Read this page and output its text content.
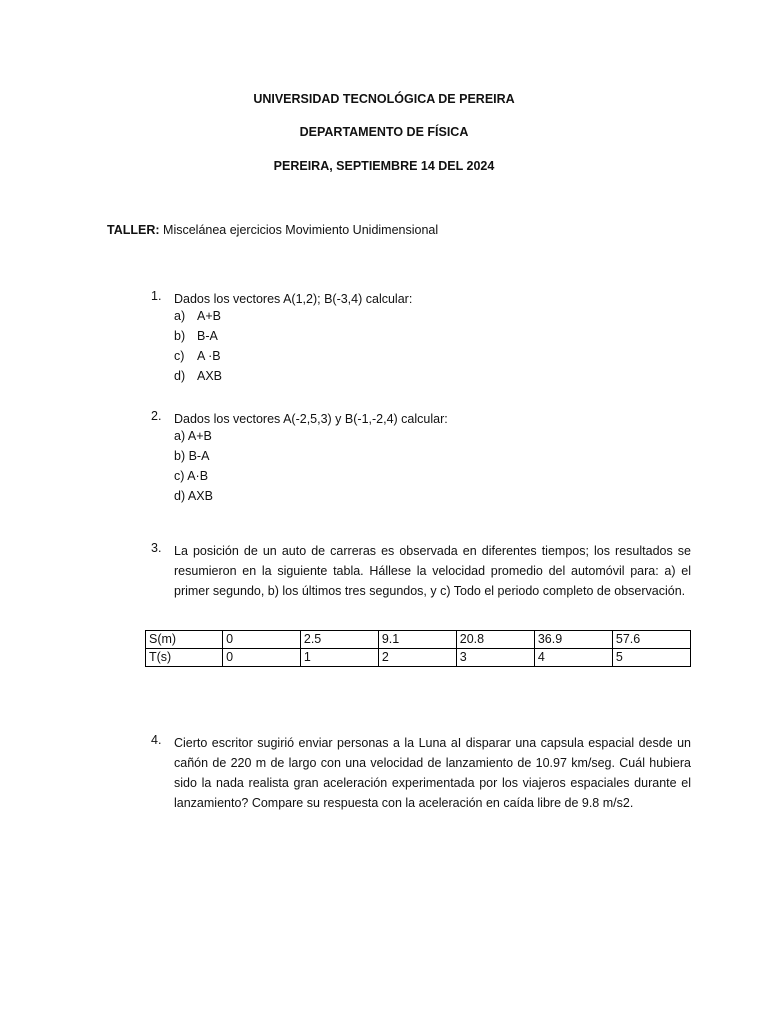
UNIVERSIDAD TECNOLÓGICA DE PEREIRA
DEPARTAMENTO DE FÍSICA
PEREIRA, SEPTIEMBRE 14 DEL 2024
TALLER: Miscelánea ejercicios Movimiento Unidimensional
1. Dados los vectores A(1,2); B(-3,4) calcular:
a) A+B
b) B-A
c) A ·B
d) AXB
2. Dados los vectores A(-2,5,3) y B(-1,-2,4) calcular:
a) A+B
b) B-A
c) A·B
d) AXB
3. La posición de un auto de carreras es observada en diferentes tiempos; los resultados se resumieron en la siguiente tabla. Hállese la velocidad promedio del automóvil para: a) el primer segundo, b) los últimos tres segundos, y c) Todo el periodo completo de observación.
S(m)	0	2.5	9.1	20.8	36.9	57.6
T(s)	0	1	2	3	4	5
4. Cierto escritor sugirió enviar personas a la Luna aI disparar una capsula espacial desde un cañón de 220 m de largo con una velocidad de lanzamiento de 10.97 km/seg. Cuál hubiera sido la nada realista gran aceleración experimentada por los viajeros espaciales durante el lanzamiento? Compare su respuesta con la aceleración en caída libre de 9.8 m/s2.
